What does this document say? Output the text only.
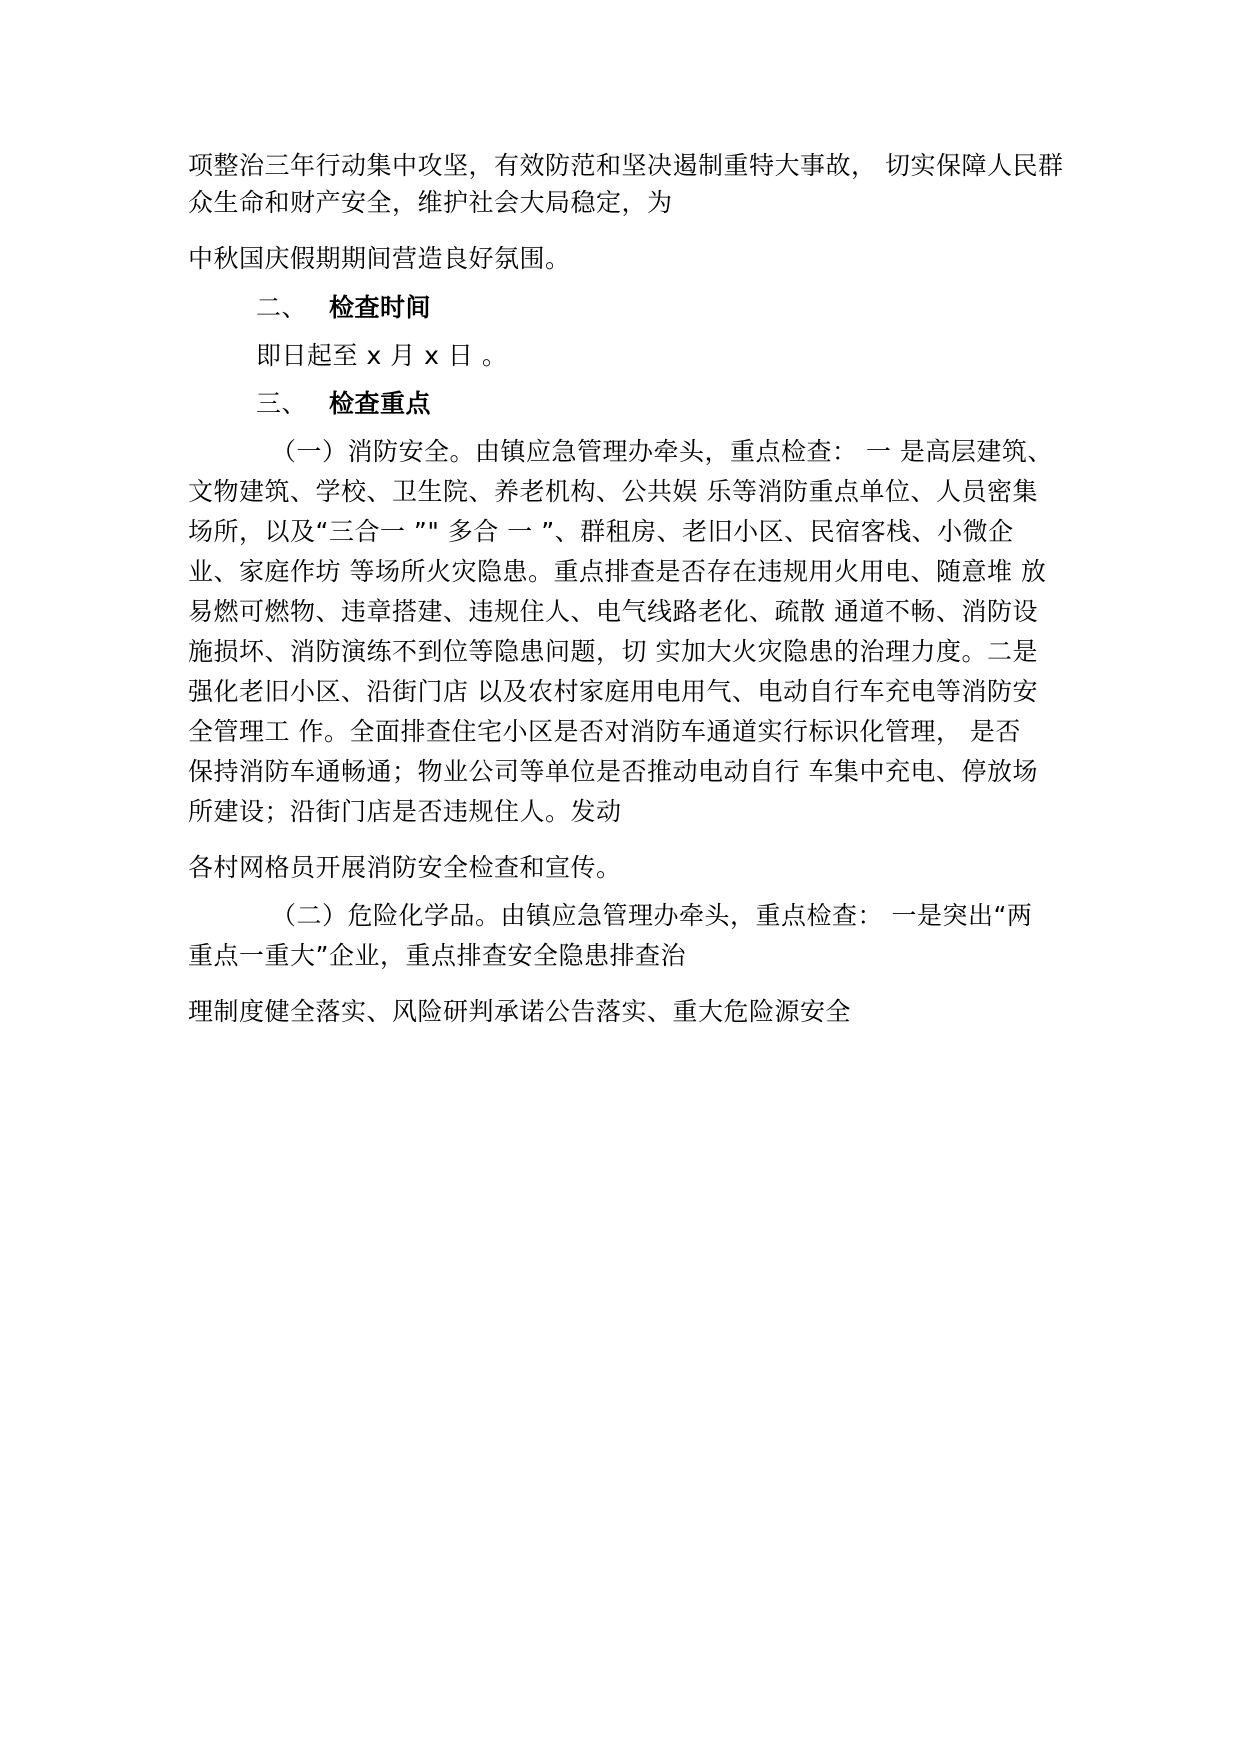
项整治三年行动集中攻坚，有效防范和坚决遏制重特大事故， 切实保障人民群
众生命和财产安全，维护社会大局稳定，为
中秋国庆假期期间营造良好氛围。
二、 检查时间
即日起至 x 月 x 日 。
三、 检查重点
（一）消防安全。由镇应急管理办牵头，重点检查： 一 是高层建筑、
文物建筑、学校、卫生院、养老机构、公共娱 乐等消防重点单位、人员密集
场所，以及“三合一 ”" 多合 一 ”、群租房、老旧小区、民宿客栈、小微企
业、家庭作坊 等场所火灾隐患。重点排查是否存在违规用火用电、随意堆 放
易燃可燃物、违章搭建、违规住人、电气线路老化、疏散 通道不畅、消防设
施损坏、消防演练不到位等隐患问题，切 实加大火灾隐患的治理力度。二是
强化老旧小区、沿街门店 以及农村家庭用电用气、电动自行车充电等消防安
全管理工 作。全面排查住宅小区是否对消防车通道实行标识化管理， 是否
保持消防车通畅通；物业公司等单位是否推动电动自行 车集中充电、停放场
所建设；沿街门店是否违规住人。发动
各村网格员开展消防安全检查和宣传。
（二）危险化学品。由镇应急管理办牵头，重点检查： 一是突出“两
重点一重大”企业，重点排查安全隐患排查治
理制度健全落实、风险研判承诺公告落实、重大危险源安全
